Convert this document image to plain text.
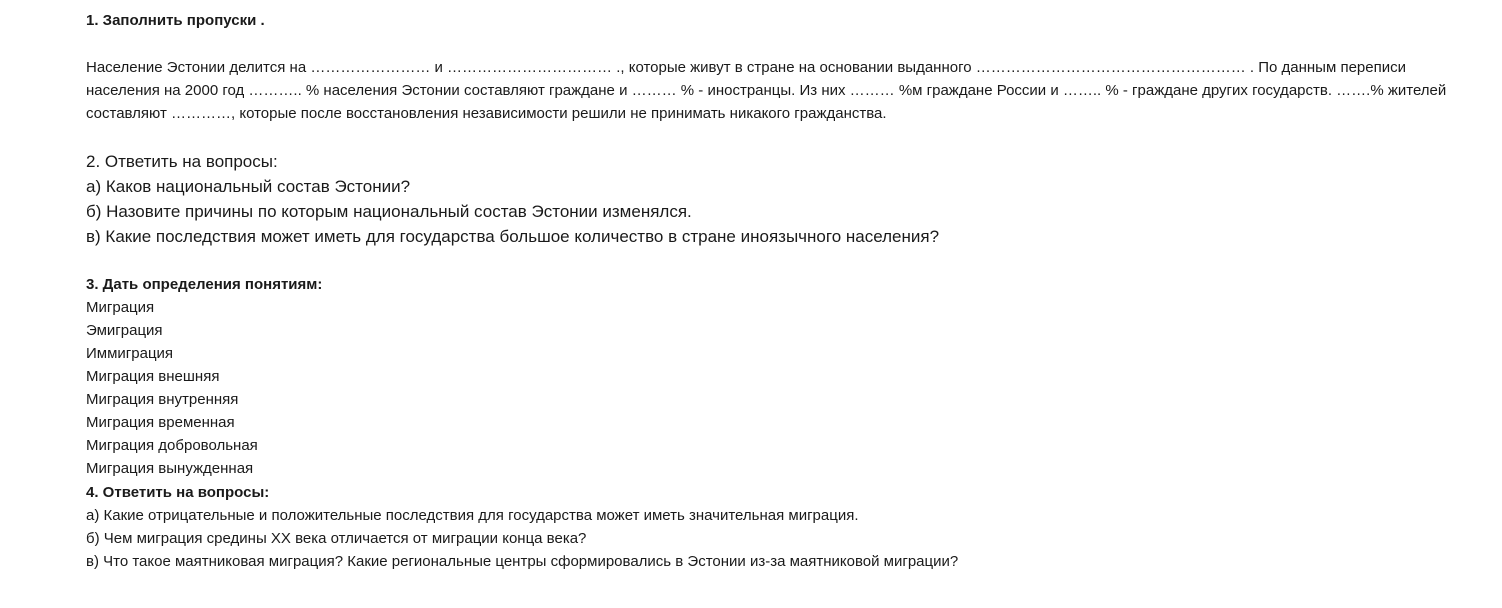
1. Заполнить пропуски .
Население Эстонии делится на …………………… и …………………………… ., которые живут в стране на основании выданного ……………………………………………… . По данным переписи населения на 2000 год ……….. % населения Эстонии составляют граждане и ……… % - иностранцы. Из них ……… %м граждане России и …….. % - граждане других государств. …….% жителей составляют …………, которые после восстановления независимости решили не принимать никакого гражданства.
2. Ответить на вопросы:
а) Каков национальный состав Эстонии?
б) Назовите причины по которым национальный состав Эстонии изменялся.
в) Какие последствия может иметь для государства большое количество в стране иноязычного населения?
3. Дать определения понятиям:
Миграция
Эмиграция
Иммиграция
Миграция внешняя
Миграция внутренняя
Миграция временная
Миграция добровольная
Миграция вынужденная
4. Ответить на вопросы:
а) Какие отрицательные и положительные последствия для государства может иметь значительная миграция.
б) Чем миграция средины XX века отличается от миграции конца века?
в) Что такое маятниковая миграция? Какие региональные центры сформировались в Эстонии из-за маятниковой миграции?
